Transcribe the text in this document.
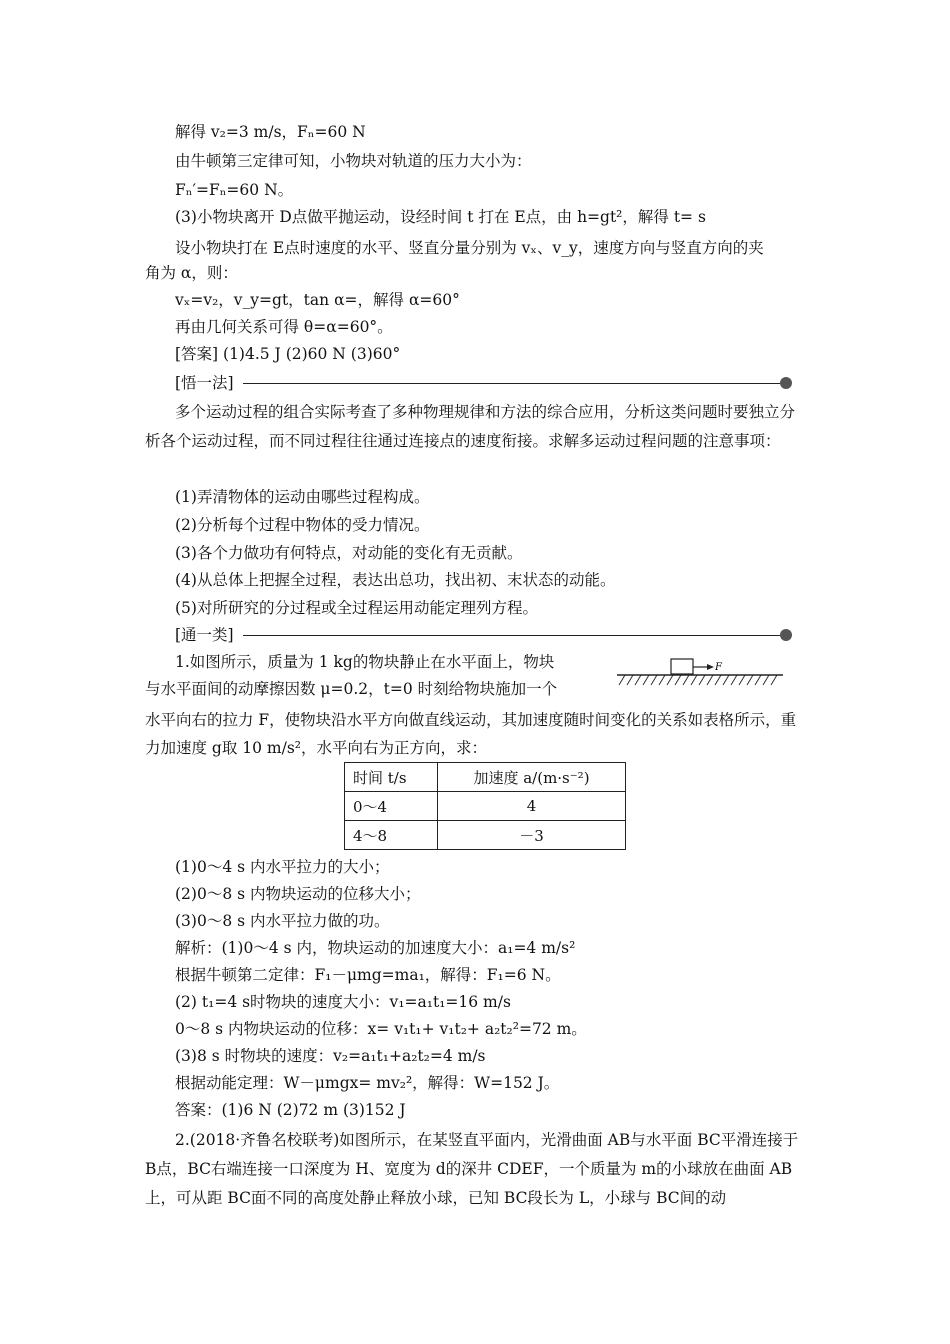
解得 v₂=3 m/s，Fₙ=60 N
由牛顿第三定律可知，小物块对轨道的压力大小为：
Fₙ′=Fₙ=60 N。
(3)小物块离开 D点做平抛运动，设经时间 t 打在 E点，由 h=gt²，解得 t= s
设小物块打在 E点时速度的水平、竖直分量分别为 vₓ、v_y，速度方向与竖直方向的夹
角为 α，则：
vₓ=v₂，v_y=gt，tan α=，解得 α=60°
再由几何关系可得 θ=α=60°。
[答案] (1)4.5 J (2)60 N (3)60°
[悟一法]
多个运动过程的组合实际考查了多种物理规律和方法的综合应用，分析这类问题时要独立分析各个运动过程，而不同过程往往通过连接点的速度衔接。求解多运动过程问题的注意事项：
(1)弄清物体的运动由哪些过程构成。
(2)分析每个过程中物体的受力情况。
(3)各个力做功有何特点，对动能的变化有无贡献。
(4)从总体上把握全过程，表达出总功，找出初、末状态的动能。
(5)对所研究的分过程或全过程运用动能定理列方程。
[通一类]
1.如图所示，质量为 1 kg的物块静止在水平面上，物块
与水平面间的动摩擦因数 μ=0.2，t=0 时刻给物块施加一个
水平向右的拉力 F，使物块沿水平方向做直线运动，其加速度随时间变化的关系如表格所示，重力加速度 g取 10 m/s²，水平向右为正方向，求：
F
时间 t/s	加速度 a/(m·s⁻²)
0～4	4
4～8	－3
(1)0～4 s 内水平拉力的大小；
(2)0～8 s 内物块运动的位移大小；
(3)0～8 s 内水平拉力做的功。
解析：(1)0～4 s 内，物块运动的加速度大小：a₁=4 m/s²
根据牛顿第二定律：F₁－μmg=ma₁，解得：F₁=6 N。
(2) t₁=4 s时物块的速度大小：v₁=a₁t₁=16 m/s
0～8 s 内物块运动的位移：x= v₁t₁+ v₁t₂+ a₂t₂²=72 m。
(3)8 s 时物块的速度：v₂=a₁t₁+a₂t₂=4 m/s
根据动能定理：W－μmgx= mv₂²，解得：W=152 J。
答案：(1)6 N (2)72 m (3)152 J
2.(2018·齐鲁名校联考)如图所示，在某竖直平面内，光滑曲面 AB与水平面 BC平滑连接于 B点，BC右端连接一口深度为 H、宽度为 d的深井 CDEF，一个质量为 m的小球放在曲面 AB上，可从距 BC面不同的高度处静止释放小球，已知 BC段长为 L，小球与 BC间的动
